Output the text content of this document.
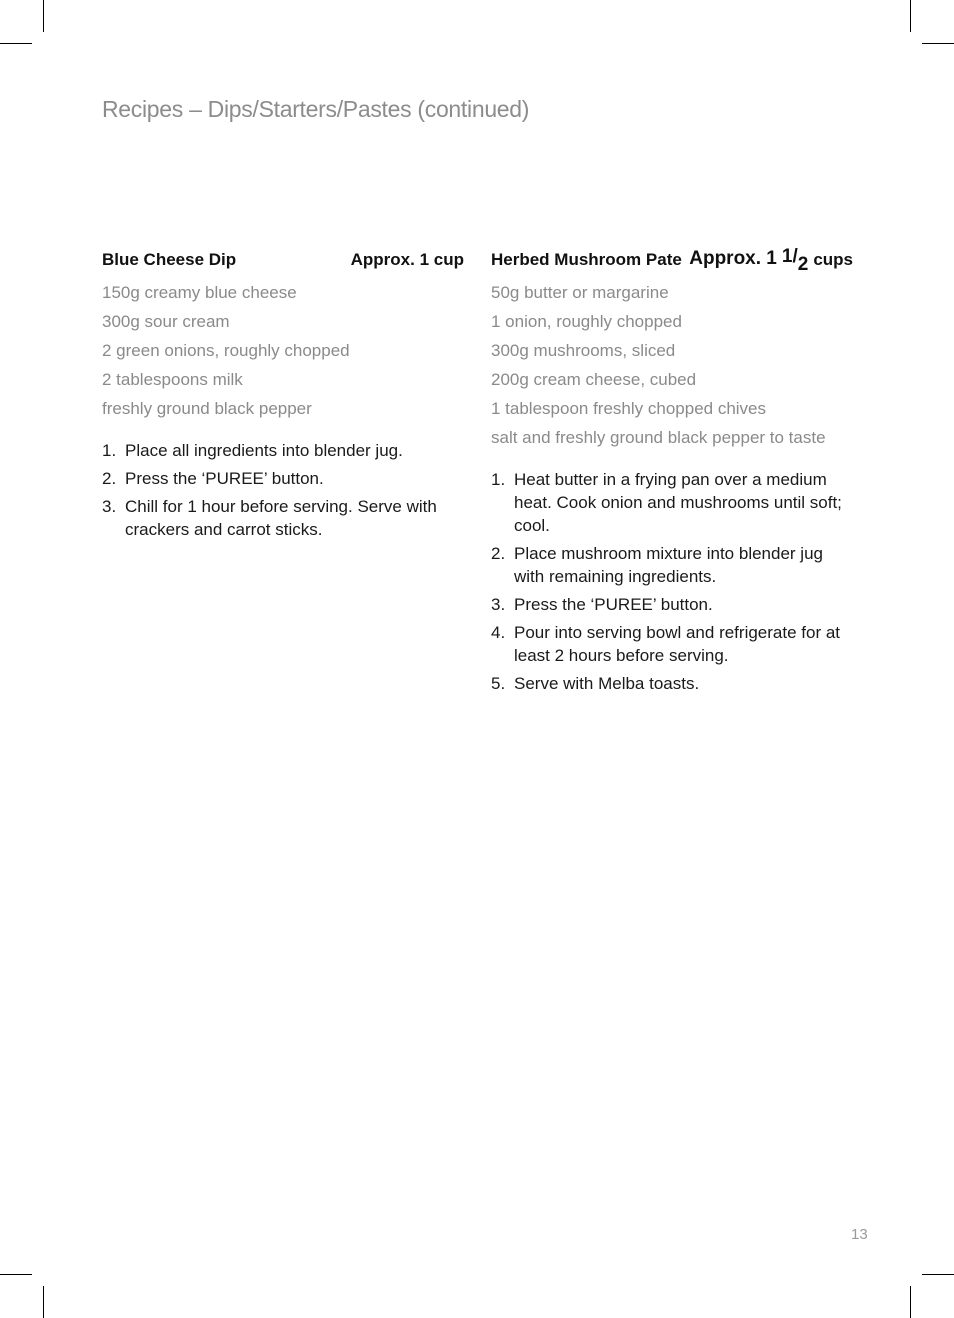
Recipes – Dips/Starters/Pastes (continued)
Blue Cheese Dip	Approx. 1 cup
150g creamy blue cheese
300g sour cream
2 green onions, roughly chopped
2 tablespoons milk
freshly ground black pepper
1. Place all ingredients into blender jug.
2. Press the ‘PUREE’ button.
3. Chill for 1 hour before serving. Serve with crackers and carrot sticks.
Herbed Mushroom Pate Approx. 1 1/2 cups
50g butter or margarine
1 onion, roughly chopped
300g mushrooms, sliced
200g cream cheese, cubed
1 tablespoon freshly chopped chives
salt and freshly ground black pepper to taste
1. Heat butter in a frying pan over a medium heat. Cook onion and mushrooms until soft; cool.
2. Place mushroom mixture into blender jug with remaining ingredients.
3. Press the ‘PUREE’ button.
4. Pour into serving bowl and refrigerate for at least 2 hours before serving.
5. Serve with Melba toasts.
13
